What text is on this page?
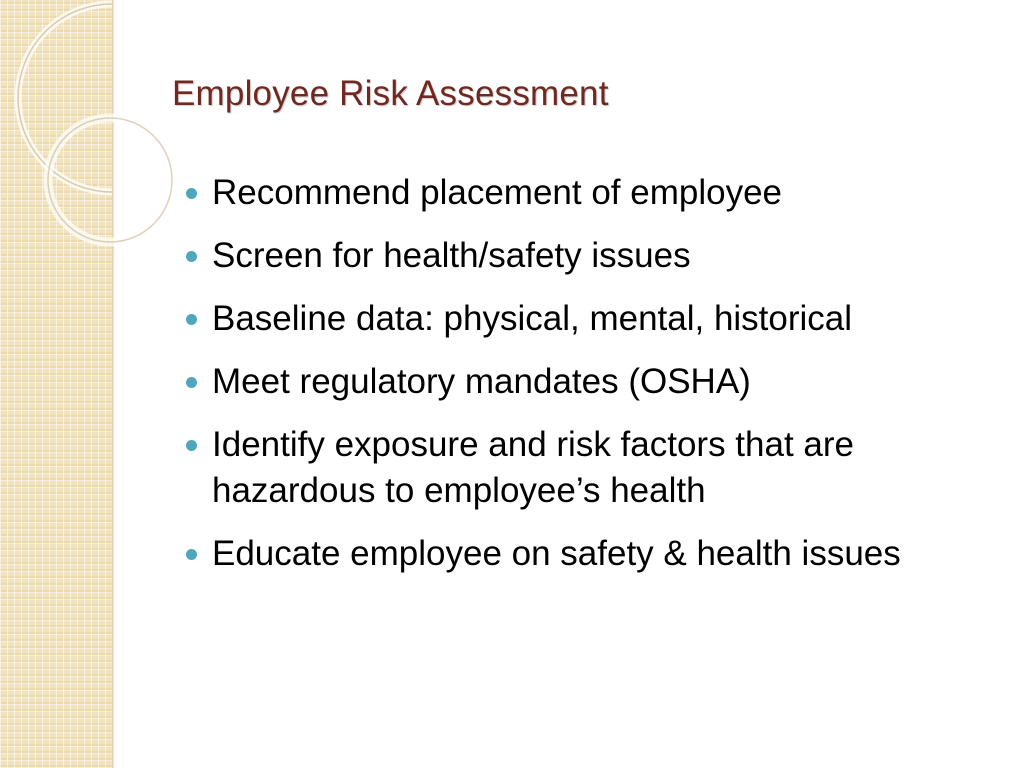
Employee Risk Assessment
Recommend placement of employee
Screen for health/safety issues
Baseline data: physical, mental, historical
Meet regulatory mandates (OSHA)
Identify exposure and risk factors that are hazardous to employee’s health
Educate employee on safety & health issues
